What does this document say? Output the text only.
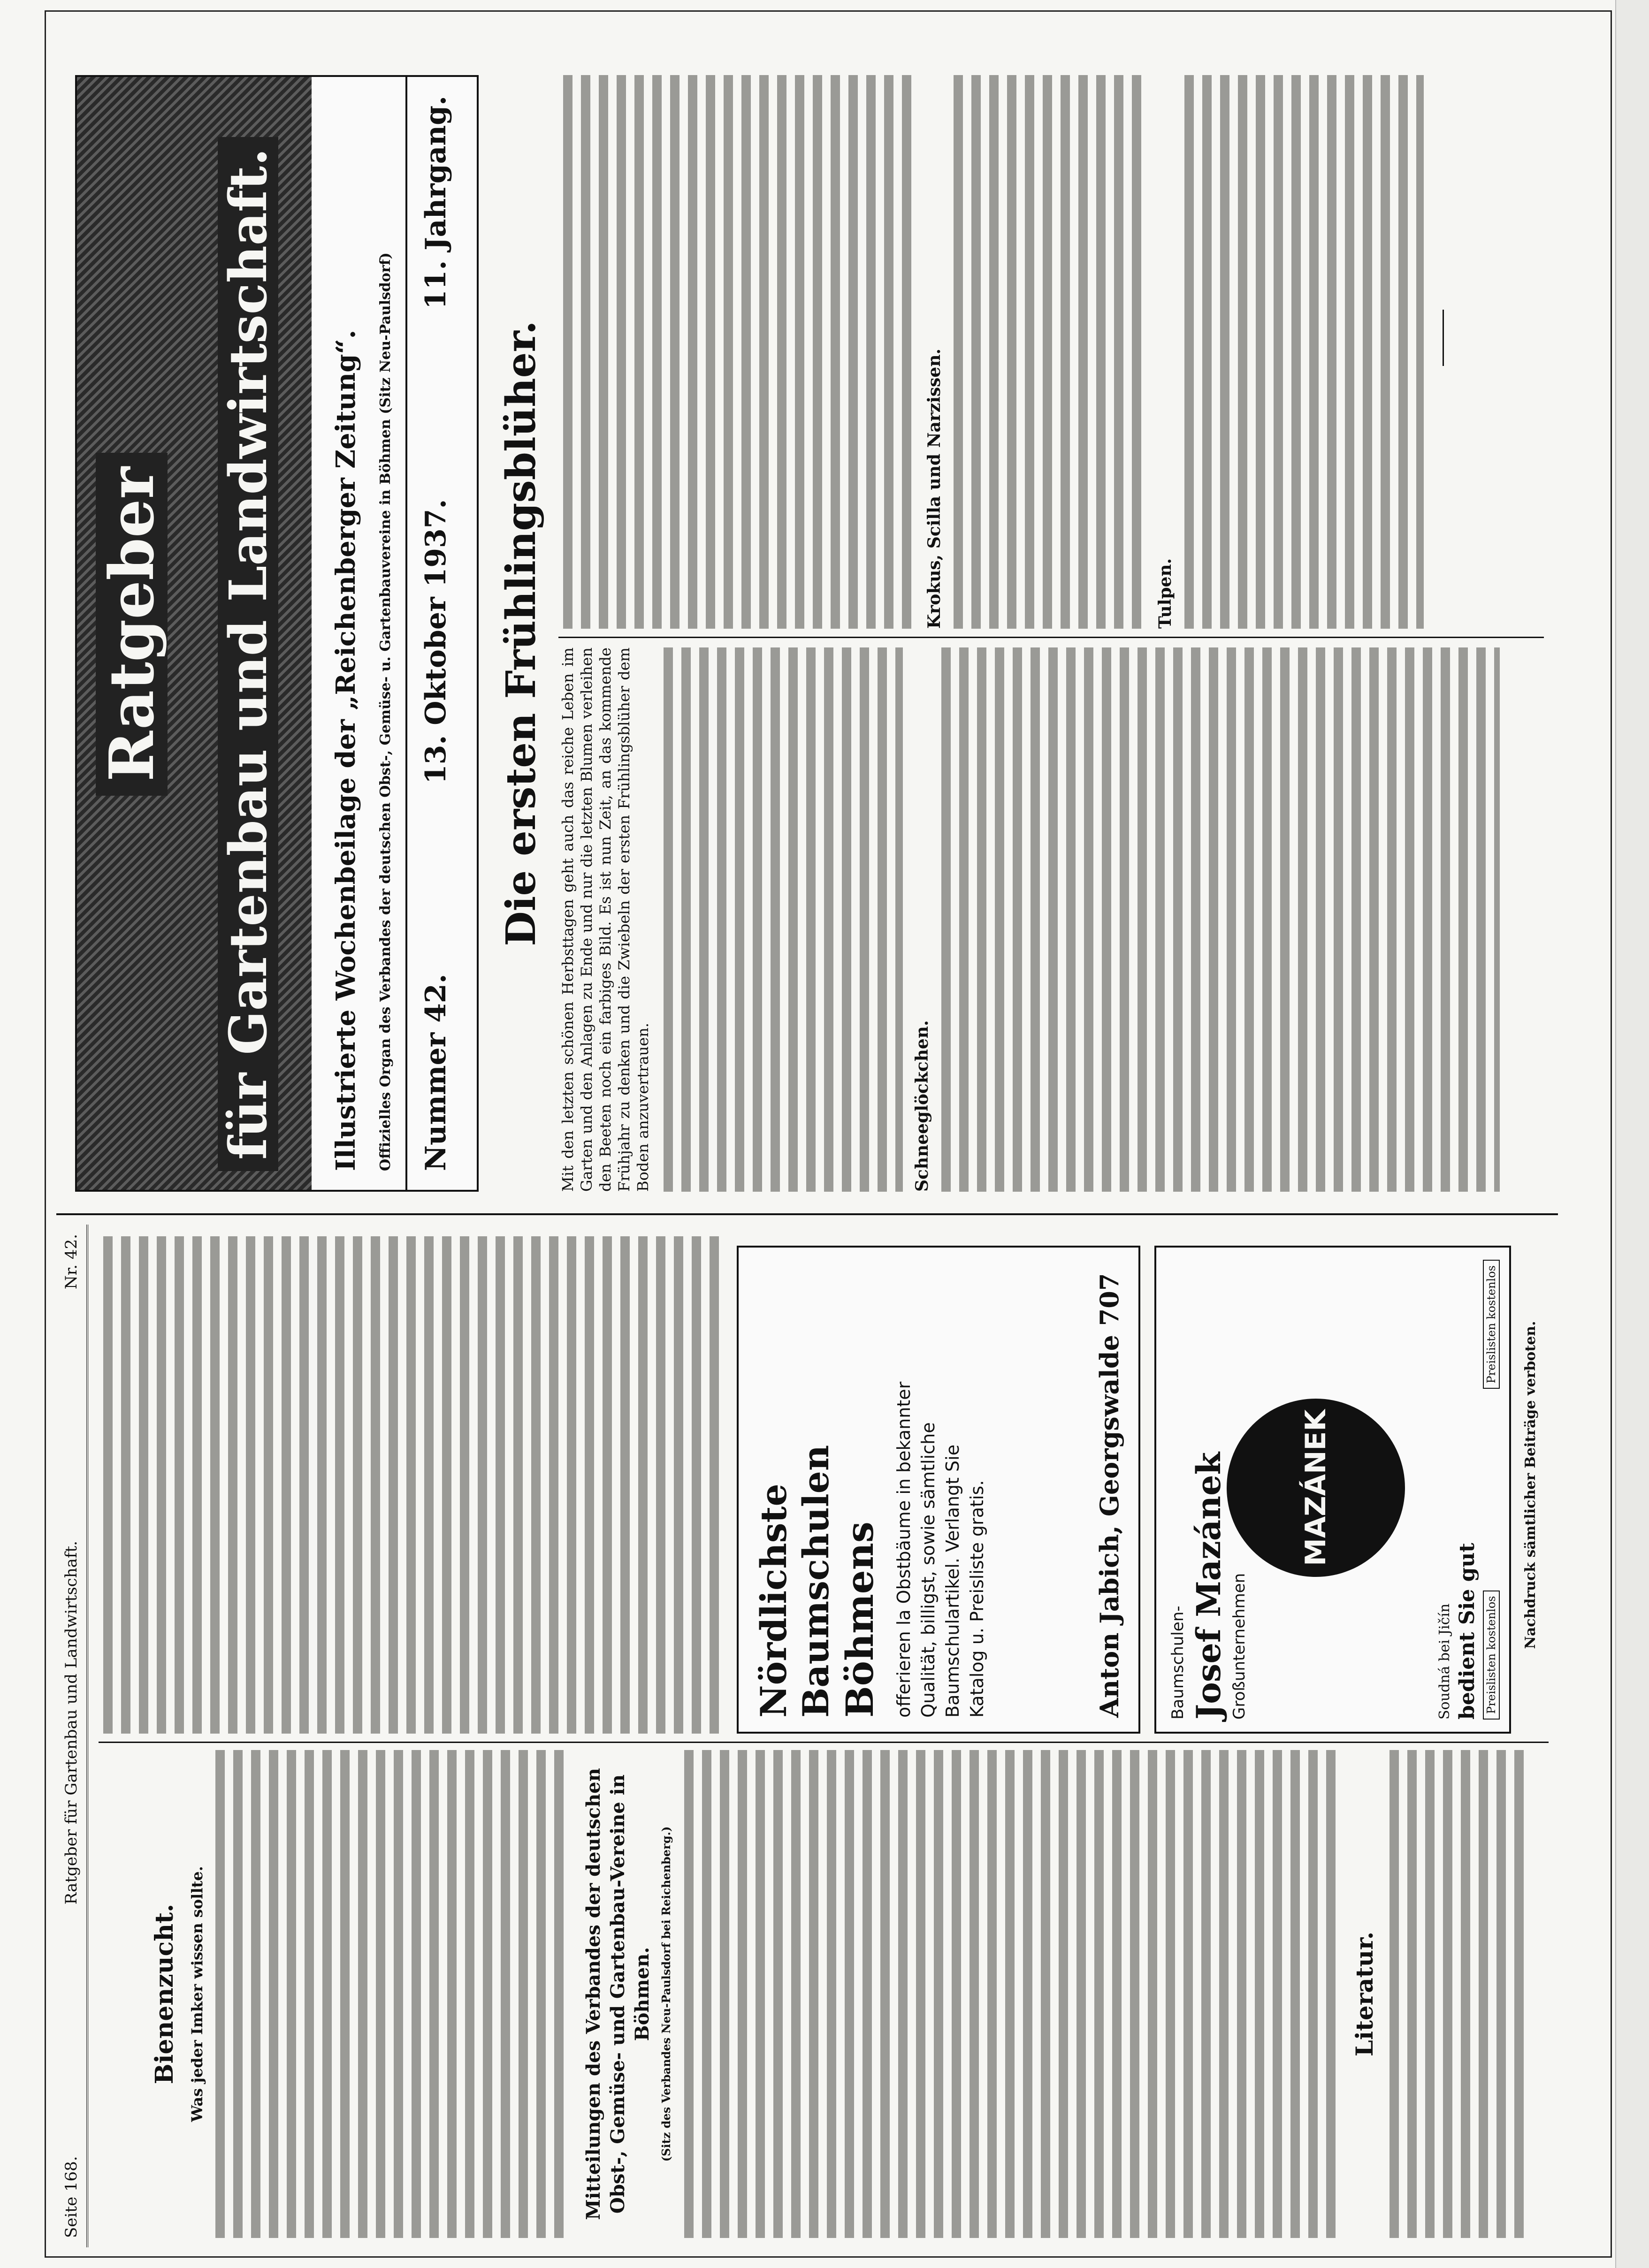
Seite 168.
Ratgeber für Gartenbau und Landwirtschaft.
Nr. 42.
Bienenzucht. Was jeder Imker wissen sollte.	Mitteilungen des Verbandes der deutschen Obst-, Gemüse- und Gartenbau-Vereine in Böhmen. (Sitz des Verbandes Neu-Paulsdorf bei Reichenberg.)	Literatur.
Nördlichste Baumschulen Böhmens offerieren la Obstbäume in bekannter Qualität, billigst, sowie sämtliche Baumschulartikel. Verlangt Sie Katalog u. Preisliste gratis.	Anton Jabich, Georgswalde 707	MAZÁNEK
Baumschulen- Josef Mazánek Großunternehmen	Soudná bei Jičín bedient Sie gut Preislisten kostenlos
Preislisten kostenlos Nachdruck sämtlicher Beiträge verboten.
Ratgeber für Gartenbau und Landwirtschaft. Illustrierte Wochenbeilage der „Reichenberger Zeitung“. Offizielles Organ des Verbandes der deutschen Obst-, Gemüse- u. Gartenbauvereine in Böhmen (Sitz Neu-Paulsdorf) Nummer 42.
13. Oktober 1937.
11. Jahrgang.
Die ersten Frühlingsblüher. Mit den letzten schönen Herbsttagen geht auch das reiche Leben im Garten und den Anlagen zu Ende und nur die letzten Blumen verleihen den Beeten noch ein farbiges Bild. Es ist nun Zeit, an das kommende Frühjahr zu denken und die Zwiebeln der ersten Frühlingsblüher dem Boden anzuvertrauen.	Schneeglöckchen.
Krokus, Scilla und Narzissen.	Tulpen.
